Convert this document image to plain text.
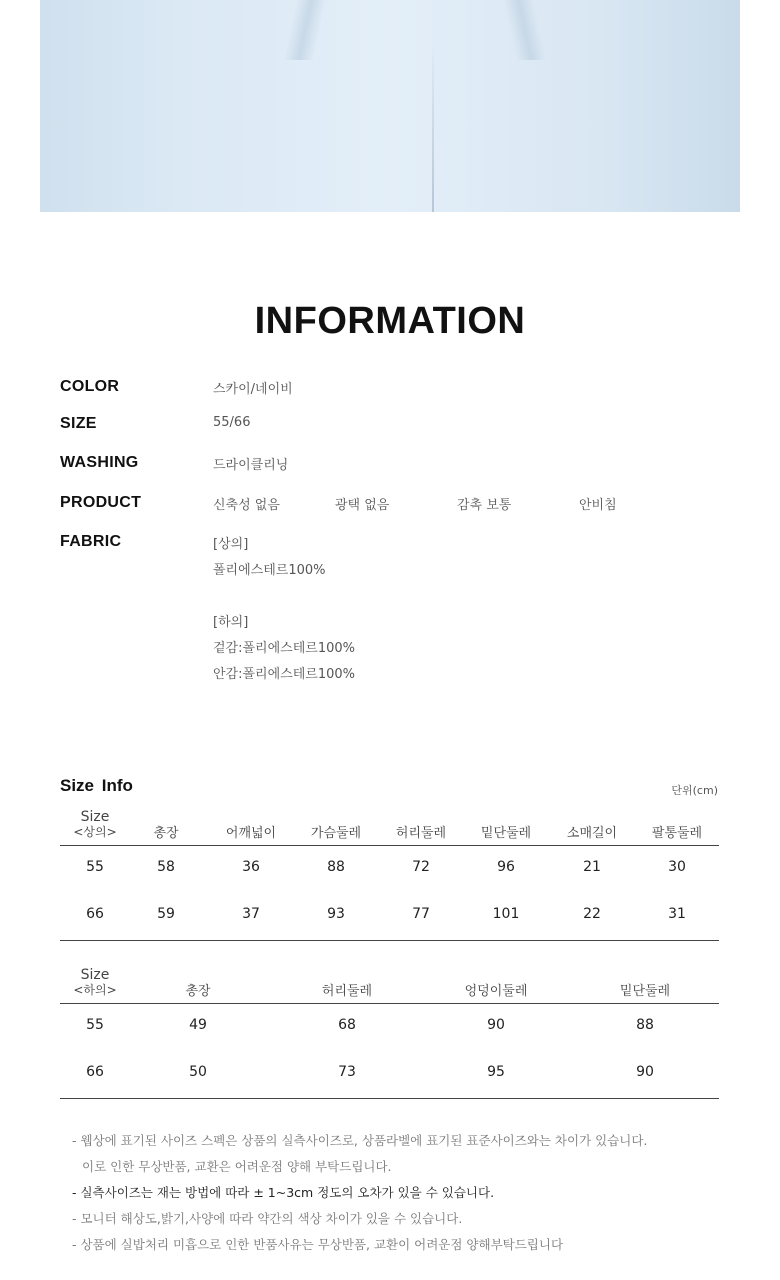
INFORMATION
COLOR	스카이/네이비
SIZE	55/66
WASHING	드라이클리닝
PRODUCT	신축성 없음	광택 없음	감촉 보통	안비침
FABRIC	[상의]
폴리에스테르100%
[하의]
겉감:폴리에스테르100%
안감:폴리에스테르100%
Size Info	단위(cm)
Size
<상의>	총장	어깨넓이	가슴둘레	허리둘레	밑단둘레	소매길이	팔통둘레
55	58	36	88	72	96	21	30
66	59	37	93	77	101	22	31
Size
<하의>	총장	허리둘레	엉덩이둘레	밑단둘레
55	49	68	90	88
66	50	73	95	90
- 웹상에 표기된 사이즈 스펙은 상품의 실측사이즈로, 상품라벨에 표기된 표준사이즈와는 차이가 있습니다.
이로 인한 무상반품, 교환은 어려운점 양해 부탁드립니다.
- 실측사이즈는 재는 방법에 따라 ± 1~3cm 정도의 오차가 있을 수 있습니다.
- 모니터 해상도,밝기,사양에 따라 약간의 색상 차이가 있을 수 있습니다.
- 상품에 실밥처리 미흡으로 인한 반품사유는 무상반품, 교환이 어려운점 양해부탁드립니다
